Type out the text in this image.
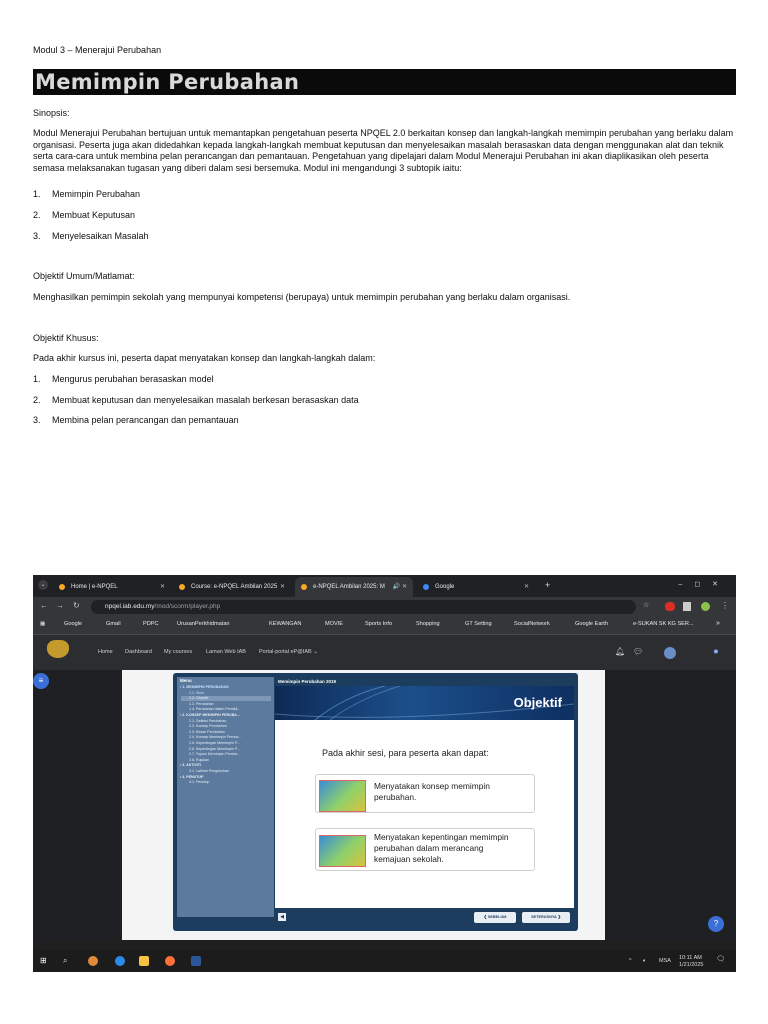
Modul 3 – Menerajui Perubahan
Memimpin Perubahan
Sinopsis:
Modul Menerajui Perubahan bertujuan untuk memantapkan pengetahuan peserta NPQEL 2.0 berkaitan konsep dan langkah-langkah memimpin perubahan yang berlaku dalam organisasi. Peserta juga akan didedahkan kepada langkah-langkah membuat keputusan dan menyelesaikan masalah berasaskan data dengan menggunakan alat dan teknik serta cara-cara untuk membina pelan perancangan dan pemantauan. Pengetahuan yang dipelajari dalam Modul Menerajui Perubahan ini akan diaplikasikan oleh peserta semasa melaksanakan tugasan yang diberi dalam sesi bersemuka. Modul ini mengandungi 3 subtopik iaitu:
1. Memimpin Perubahan
2. Membuat Keputusan
3. Menyelesaikan Masalah
Objektif Umum/Matlamat:
Menghasilkan pemimpin sekolah yang mempunyai kompetensi (berupaya) untuk memimpin perubahan yang berlaku dalam organisasi.
Objektif Khusus:
Pada akhir kursus ini, peserta dapat menyatakan konsep dan langkah-langkah dalam:
1. Mengurus perubahan berasaskan model
2. Membuat keputusan dan menyelesaikan masalah berkesan berasaskan data
3. Membina pelan perancangan dan pemantauan
⌄	Home | e-NPQEL	✕	Course: e-NPQEL Ambilan 2025 ✕	e-NPQEL Ambilan 2025: M 🔊 ✕	Google	✕ +	–◻✕
← → ↻	npqel.iab.edu.my/mod/scorm/player.php	☆	⋮
▦	Google	Gmail	PDPC	UrusanPerkhidmatan	KEWANGAN	MOVIE	Sports Info	Shopping	GT Setting	SocialNetwork	Google Earth	e-SUKAN SK KG SER...	»
Home Dashboard My courses	Laman Web IAB Portal-portal eP@IAB ⌄	🔔︎ 💬︎	✹
≡
?
Menu
• 1. MEMIMPIN PERUBAHAN
1.1. Skrin
1.2. Objektif
1.3. Perubahan
1.4. Perubahan dalam Pendidi...
• 2. KONSEP MEMIMPIN PERUBA...
2.1. Definisi Perubahan
2.2. Konsep Perubahan
2.3. Kesan Perubahan
2.4. Konsep Memimpin Peruba...
2.5. Kepentingan Memimpin P...
2.6. Kepentingan Memimpin P...
2.7. Tujuan Memimpin Peruba...
2.8. Rujukan
• 3. AKTIVITI
3.1. Latihan Pengukuhan
• 4. PENUTUP
4.1. Penutup
Memimpin Perubahan 2019
Objektif
Pada akhir sesi, para peserta akan dapat:
Menyatakan konsep memimpin
perubahan.
Menyatakan kepentingan memimpin
perubahan dalam merancang
kemajuan sekolah.
◀	❮ SEBELUM	SETERUSNYA ❯
⊞	⌕	^ 🔈︎ MSA 10:11 AM
1/21/2025
🗨︎
